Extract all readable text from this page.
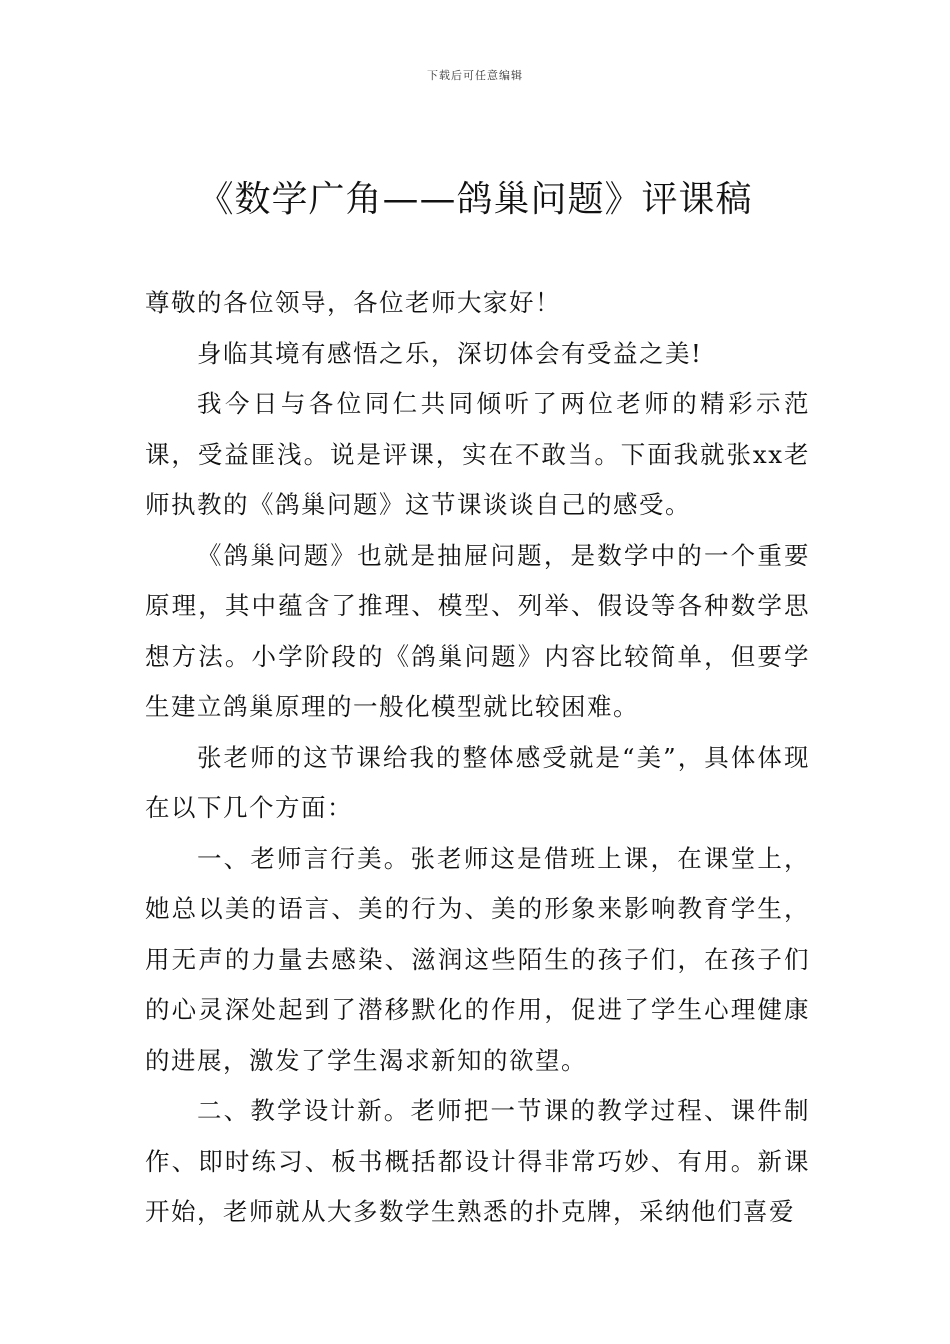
下载后可任意编辑
《数学广角——鸽巢问题》评课稿

尊敬的各位领导，各位老师大家好！

身临其境有感悟之乐，深切体会有受益之美!

我今日与各位同仁共同倾听了两位老师的精彩示范课，受益匪浅。说是评课，实在不敢当。下面我就张xx老师执教的《鸽巢问题》这节课谈谈自己的感受。

《鸽巢问题》也就是抽屉问题，是数学中的一个重要原理，其中蕴含了推理、模型、列举、假设等各种数学思想方法。小学阶段的《鸽巢问题》内容比较简单，但要学生建立鸽巢原理的一般化模型就比较困难。

张老师的这节课给我的整体感受就是“美”，具体体现在以下几个方面：

一、老师言行美。张老师这是借班上课，在课堂上，她总以美的语言、美的行为、美的形象来影响教育学生，用无声的力量去感染、滋润这些陌生的孩子们，在孩子们的心灵深处起到了潜移默化的作用，促进了学生心理健康的进展，激发了学生渴求新知的欲望。

二、教学设计新。老师把一节课的教学过程、课件制作、即时练习、板书概括都设计得非常巧妙、有用。新课开始，老师就从大多数学生熟悉的扑克牌，采纳他们喜爱
